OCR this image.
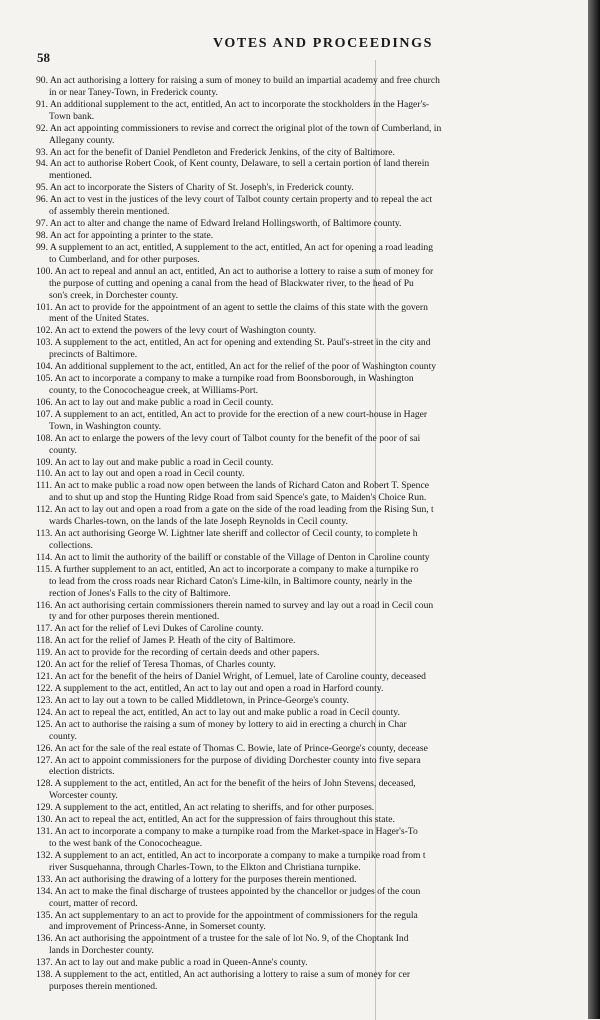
58
VOTES AND PROCEEDINGS
90. An act authorising a lottery for raising a sum of money to build an impartial academy and free church
in or near Taney-Town, in Frederick county.
91. An additional supplement to the act, entitled, An act to incorporate the stockholders in the Hager's-
Town bank.
92. An act appointing commissioners to revise and correct the original plot of the town of Cumberland, in
Allegany county.
93. An act for the benefit of Daniel Pendleton and Frederick Jenkins, of the city of Baltimore.
94. An act to authorise Robert Cook, of Kent county, Delaware, to sell a certain portion of land therein
mentioned.
95. An act to incorporate the Sisters of Charity of St. Joseph's, in Frederick county.
96. An act to vest in the justices of the levy court of Talbot county certain property and to repeal the act
of assembly therein mentioned.
97. An act to alter and change the name of Edward Ireland Hollingsworth, of Baltimore county.
98. An act for appointing a printer to the state.
99. A supplement to an act, entitled, A supplement to the act, entitled, An act for opening a road leading
to Cumberland, and for other purposes.
100. An act to repeal and annul an act, entitled, An act to authorise a lottery to raise a sum of money for
the purpose of cutting and opening a canal from the head of Blackwater river, to the head of Pu
son's creek, in Dorchester county.
101. An act to provide for the appointment of an agent to settle the claims of this state with the govern
ment of the United States.
102. An act to extend the powers of the levy court of Washington county.
103. A supplement to the act, entitled, An act for opening and extending St. Paul's-street in the city and
precincts of Baltimore.
104. An additional supplement to the act, entitled, An act for the relief of the poor of Washington county
105. An act to incorporate a company to make a turnpike road from Boonsborough, in Washington
county, to the Conococheague creek, at Williams-Port.
106. An act to lay out and make public a road in Cecil county.
107. A supplement to an act, entitled, An act to provide for the erection of a new court-house in Hager
Town, in Washington county.
108. An act to enlarge the powers of the levy court of Talbot county for the benefit of the poor of sai
county.
109. An act to lay out and make public a road in Cecil county.
110. An act to lay out and open a road in Cecil county.
111. An act to make public a road now open between the lands of Richard Caton and Robert T. Spence
and to shut up and stop the Hunting Ridge Road from said Spence's gate, to Maiden's Choice Run.
112. An act to lay out and open a road from a gate on the side of the road leading from the Rising Sun, t
wards Charles-town, on the lands of the late Joseph Reynolds in Cecil county.
113. An act authorising George W. Lightner late sheriff and collector of Cecil county, to complete h
collections.
114. An act to limit the authority of the bailiff or constable of the Village of Denton in Caroline county
115. A further supplement to an act, entitled, An act to incorporate a company to make a turnpike ro
to lead from the cross roads near Richard Caton's Lime-kiln, in Baltimore county, nearly in the
rection of Jones's Falls to the city of Baltimore.
116. An act authorising certain commissioners therein named to survey and lay out a road in Cecil coun
ty and for other purposes therein mentioned.
117. An act for the relief of Levi Dukes of Caroline county.
118. An act for the relief of James P. Heath of the city of Baltimore.
119. An act to provide for the recording of certain deeds and other papers.
120. An act for the relief of Teresa Thomas, of Charles county.
121. An act for the benefit of the heirs of Daniel Wright, of Lemuel, late of Caroline county, deceased
122. A supplement to the act, entitled, An act to lay out and open a road in Harford county.
123. An act to lay out a town to be called Middletown, in Prince-George's county.
124. An act to repeal the act, entitled, An act to lay out and make public a road in Cecil county.
125. An act to authorise the raising a sum of money by lottery to aid in erecting a church in Char
county.
126. An act for the sale of the real estate of Thomas C. Bowie, late of Prince-George's county, decease
127. An act to appoint commissioners for the purpose of dividing Dorchester county into five separa
election districts.
128. A supplement to the act, entitled, An act for the benefit of the heirs of John Stevens, deceased,
Worcester county.
129. A supplement to the act, entitled, An act relating to sheriffs, and for other purposes.
130. An act to repeal the act, entitled, An act for the suppression of fairs throughout this state.
131. An act to incorporate a company to make a turnpike road from the Market-space in Hager's-To
to the west bank of the Conococheague.
132. A supplement to an act, entitled, An act to incorporate a company to make a turnpike road from t
river Susquehanna, through Charles-Town, to the Elkton and Christiana turnpike.
133. An act authorising the drawing of a lottery for the purposes therein mentioned.
134. An act to make the final discharge of trustees appointed by the chancellor or judges of the coun
court, matter of record.
135. An act supplementary to an act to provide for the appointment of commissioners for the regula
and improvement of Princess-Anne, in Somerset county.
136. An act authorising the appointment of a trustee for the sale of lot No. 9, of the Choptank Ind
lands in Dorchester county.
137. An act to lay out and make public a road in Queen-Anne's county.
138. A supplement to the act, entitled, An act authorising a lottery to raise a sum of money for cer
purposes therein mentioned.
